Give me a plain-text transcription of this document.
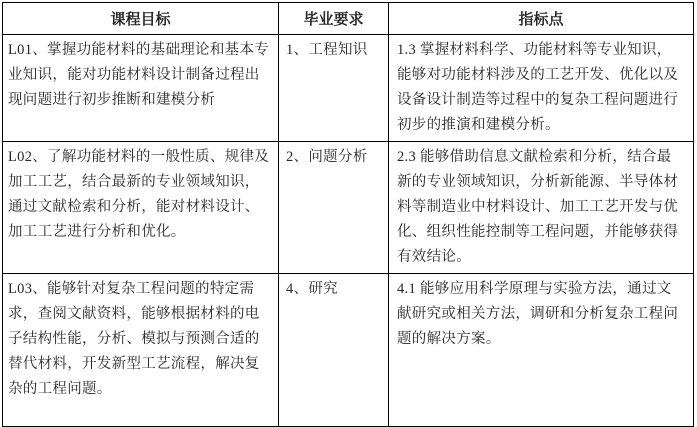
课程目标	毕业要求	指标点
L01、掌握功能材料的基础理论和基本专业知识，能对功能材料设计制备过程出现问题进行初步推断和建模分析	1、工程知识	1.3 掌握材料科学、功能材料等专业知识，能够对功能材料涉及的工艺开发、优化以及设备设计制造等过程中的复杂工程问题进行初步的推演和建模分析。
L02、了解功能材料的一般性质、规律及加工工艺，结合最新的专业领域知识，通过文献检索和分析，能对材料设计、加工工艺进行分析和优化。	2、问题分析	2.3 能够借助信息文献检索和分析，结合最新的专业领域知识，分析新能源、半导体材料等制造业中材料设计、加工工艺开发与优化、组织性能控制等工程问题，并能够获得有效结论。
L03、能够针对复杂工程问题的特定需求，查阅文献资料，能够根据材料的电子结构性能，分析、模拟与预测合适的替代材料，开发新型工艺流程，解决复杂的工程问题。	4、研究	4.1 能够应用科学原理与实验方法，通过文献研究或相关方法，调研和分析复杂工程问题的解决方案。
